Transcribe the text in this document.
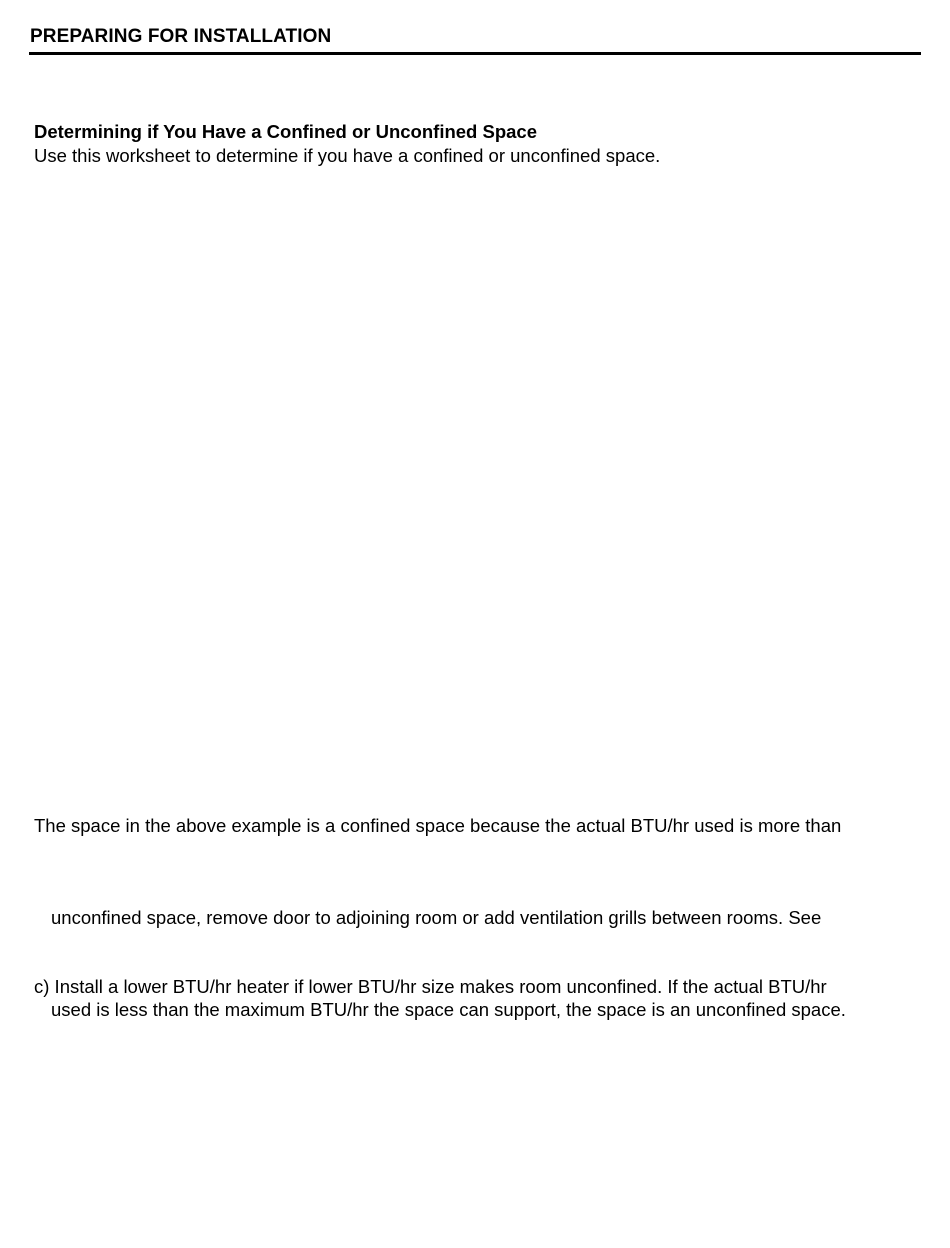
PREPARING FOR INSTALLATION
Determining if You Have a Confined or Unconfined Space
Use this worksheet to determine if you have a confined or unconfined space.
The space in the above example is a confined space because the actual BTU/hr used is more than
unconfined space, remove door to adjoining room or add ventilation grills between rooms. See
c) Install a lower BTU/hr heater if lower BTU/hr size makes room unconfined. If the actual BTU/hr
used is less than the maximum BTU/hr the space can support, the space is an unconfined space.
